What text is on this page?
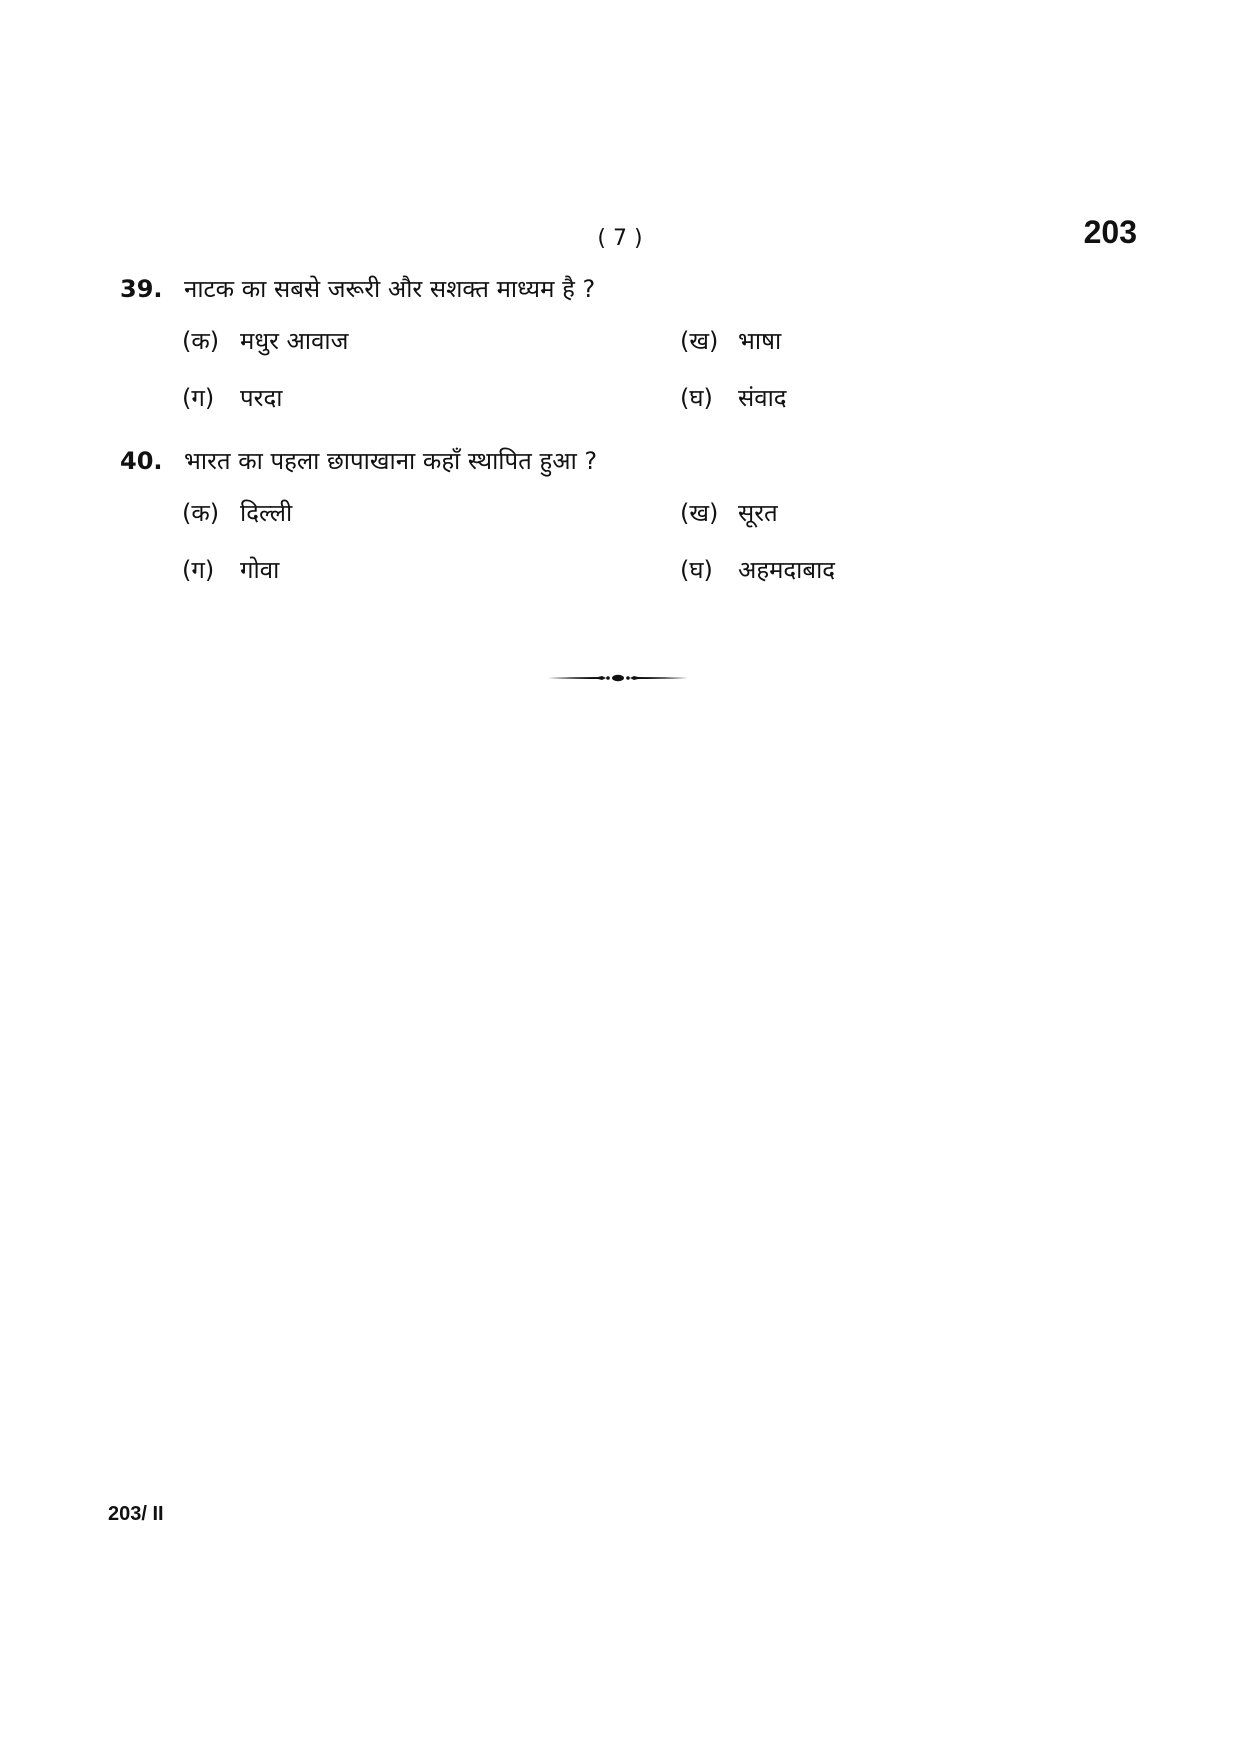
( 7 )	203
39. नाटक का सबसे जरूरी और सशक्त माध्यम है ?
(क) मधुर आवाज	(ख) भाषा
(ग)	परदा	(घ)	संवाद
40. भारत का पहला छापाखाना कहाँ स्थापित हुआ ?
(क) दिल्ली	(ख) सूरत
(ग)	गोवा	(घ)	अहमदाबाद
203/ II
